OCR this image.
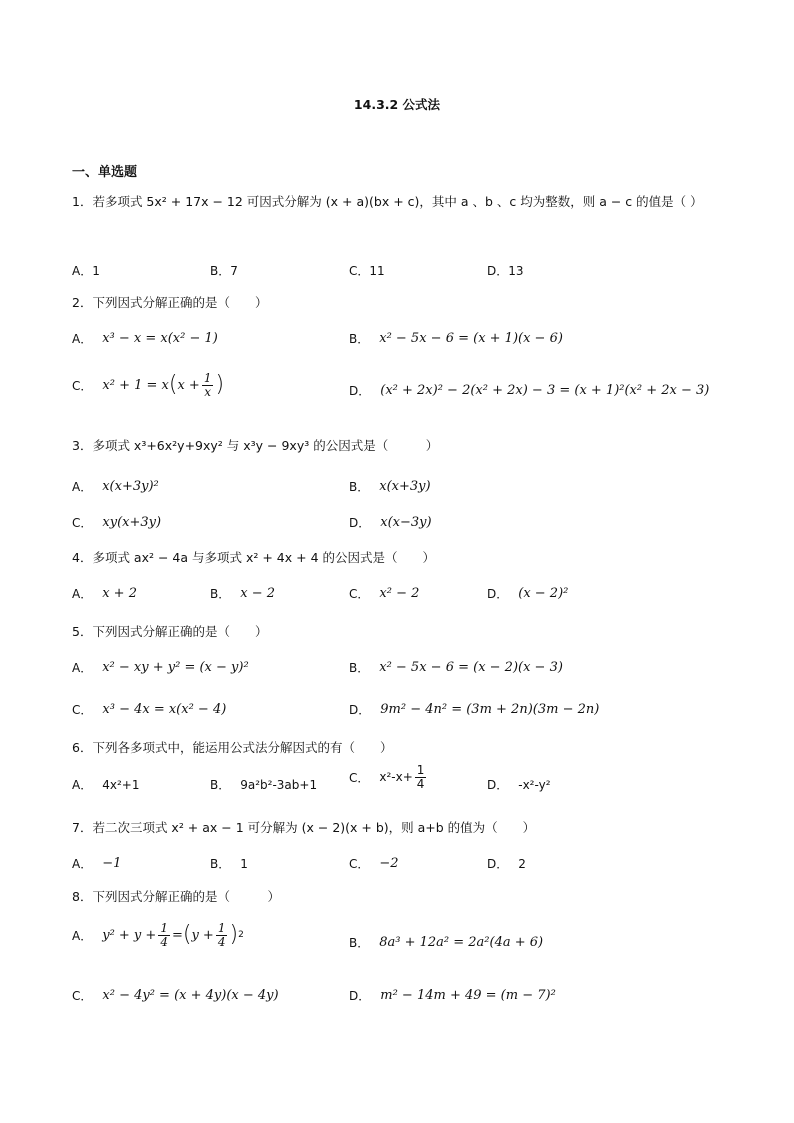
14.3.2 公式法
一、单选题
1．若多项式 5x² + 17x − 12 可因式分解为 (x + a)(bx + c)，其中 a 、b 、c 均为整数，则 a − c 的值是（ ）
A．1	B．7	C．11	D．13
2．下列因式分解正确的是（　　）
A． x³ − x = x(x² − 1)	B． x² − 5x − 6 = (x + 1)(x − 6)
C． x² + 1 = x ( $x + \frac{1}{x}$ )	D． (x² + 2x)² − 2(x² + 2x) − 3 = (x + 1)²(x² + 2x − 3)
3．多项式 x³+6x²y+9xy² 与 x³y − 9xy³ 的公因式是（　　　）
A． x(x+3y)²	B． x(x+3y)
C． xy(x+3y)	D． x(x−3y)
4．多项式 ax² − 4a 与多项式 x² + 4x + 4 的公因式是（　　）
A． x + 2	B． x − 2	C． x² − 2	D． (x − 2)²
5．下列因式分解正确的是（　　）
A． x² − xy + y² = (x − y)²	B． x² − 5x − 6 = (x − 2)(x − 3)
C． x³ − 4x = x(x² − 4)	D． 9m² − 4n² = (3m + 2n)(3m − 2n)
6．下列各多项式中，能运用公式法分解因式的有（　　）
A． 4x²+1	B． 9a²b²-3ab+1	C． $x^2-x+ \frac{1}{4}$	D． -x²-y²
7．若二次三项式 x² + ax − 1 可分解为 (x − 2)(x + b)，则 a+b 的值为（　　）
A． −1	B． 1	C． −2	D． 2
8．下列因式分解正确的是（　　　）
A． $y^2 + y + \frac{1}{4}$ = ( $y + \frac{1}{4}$ ) 2
B． 8a³ + 12a² = 2a²(4a + 6)
C． x² − 4y² = (x + 4y)(x − 4y)	D． m² − 14m + 49 = (m − 7)²
